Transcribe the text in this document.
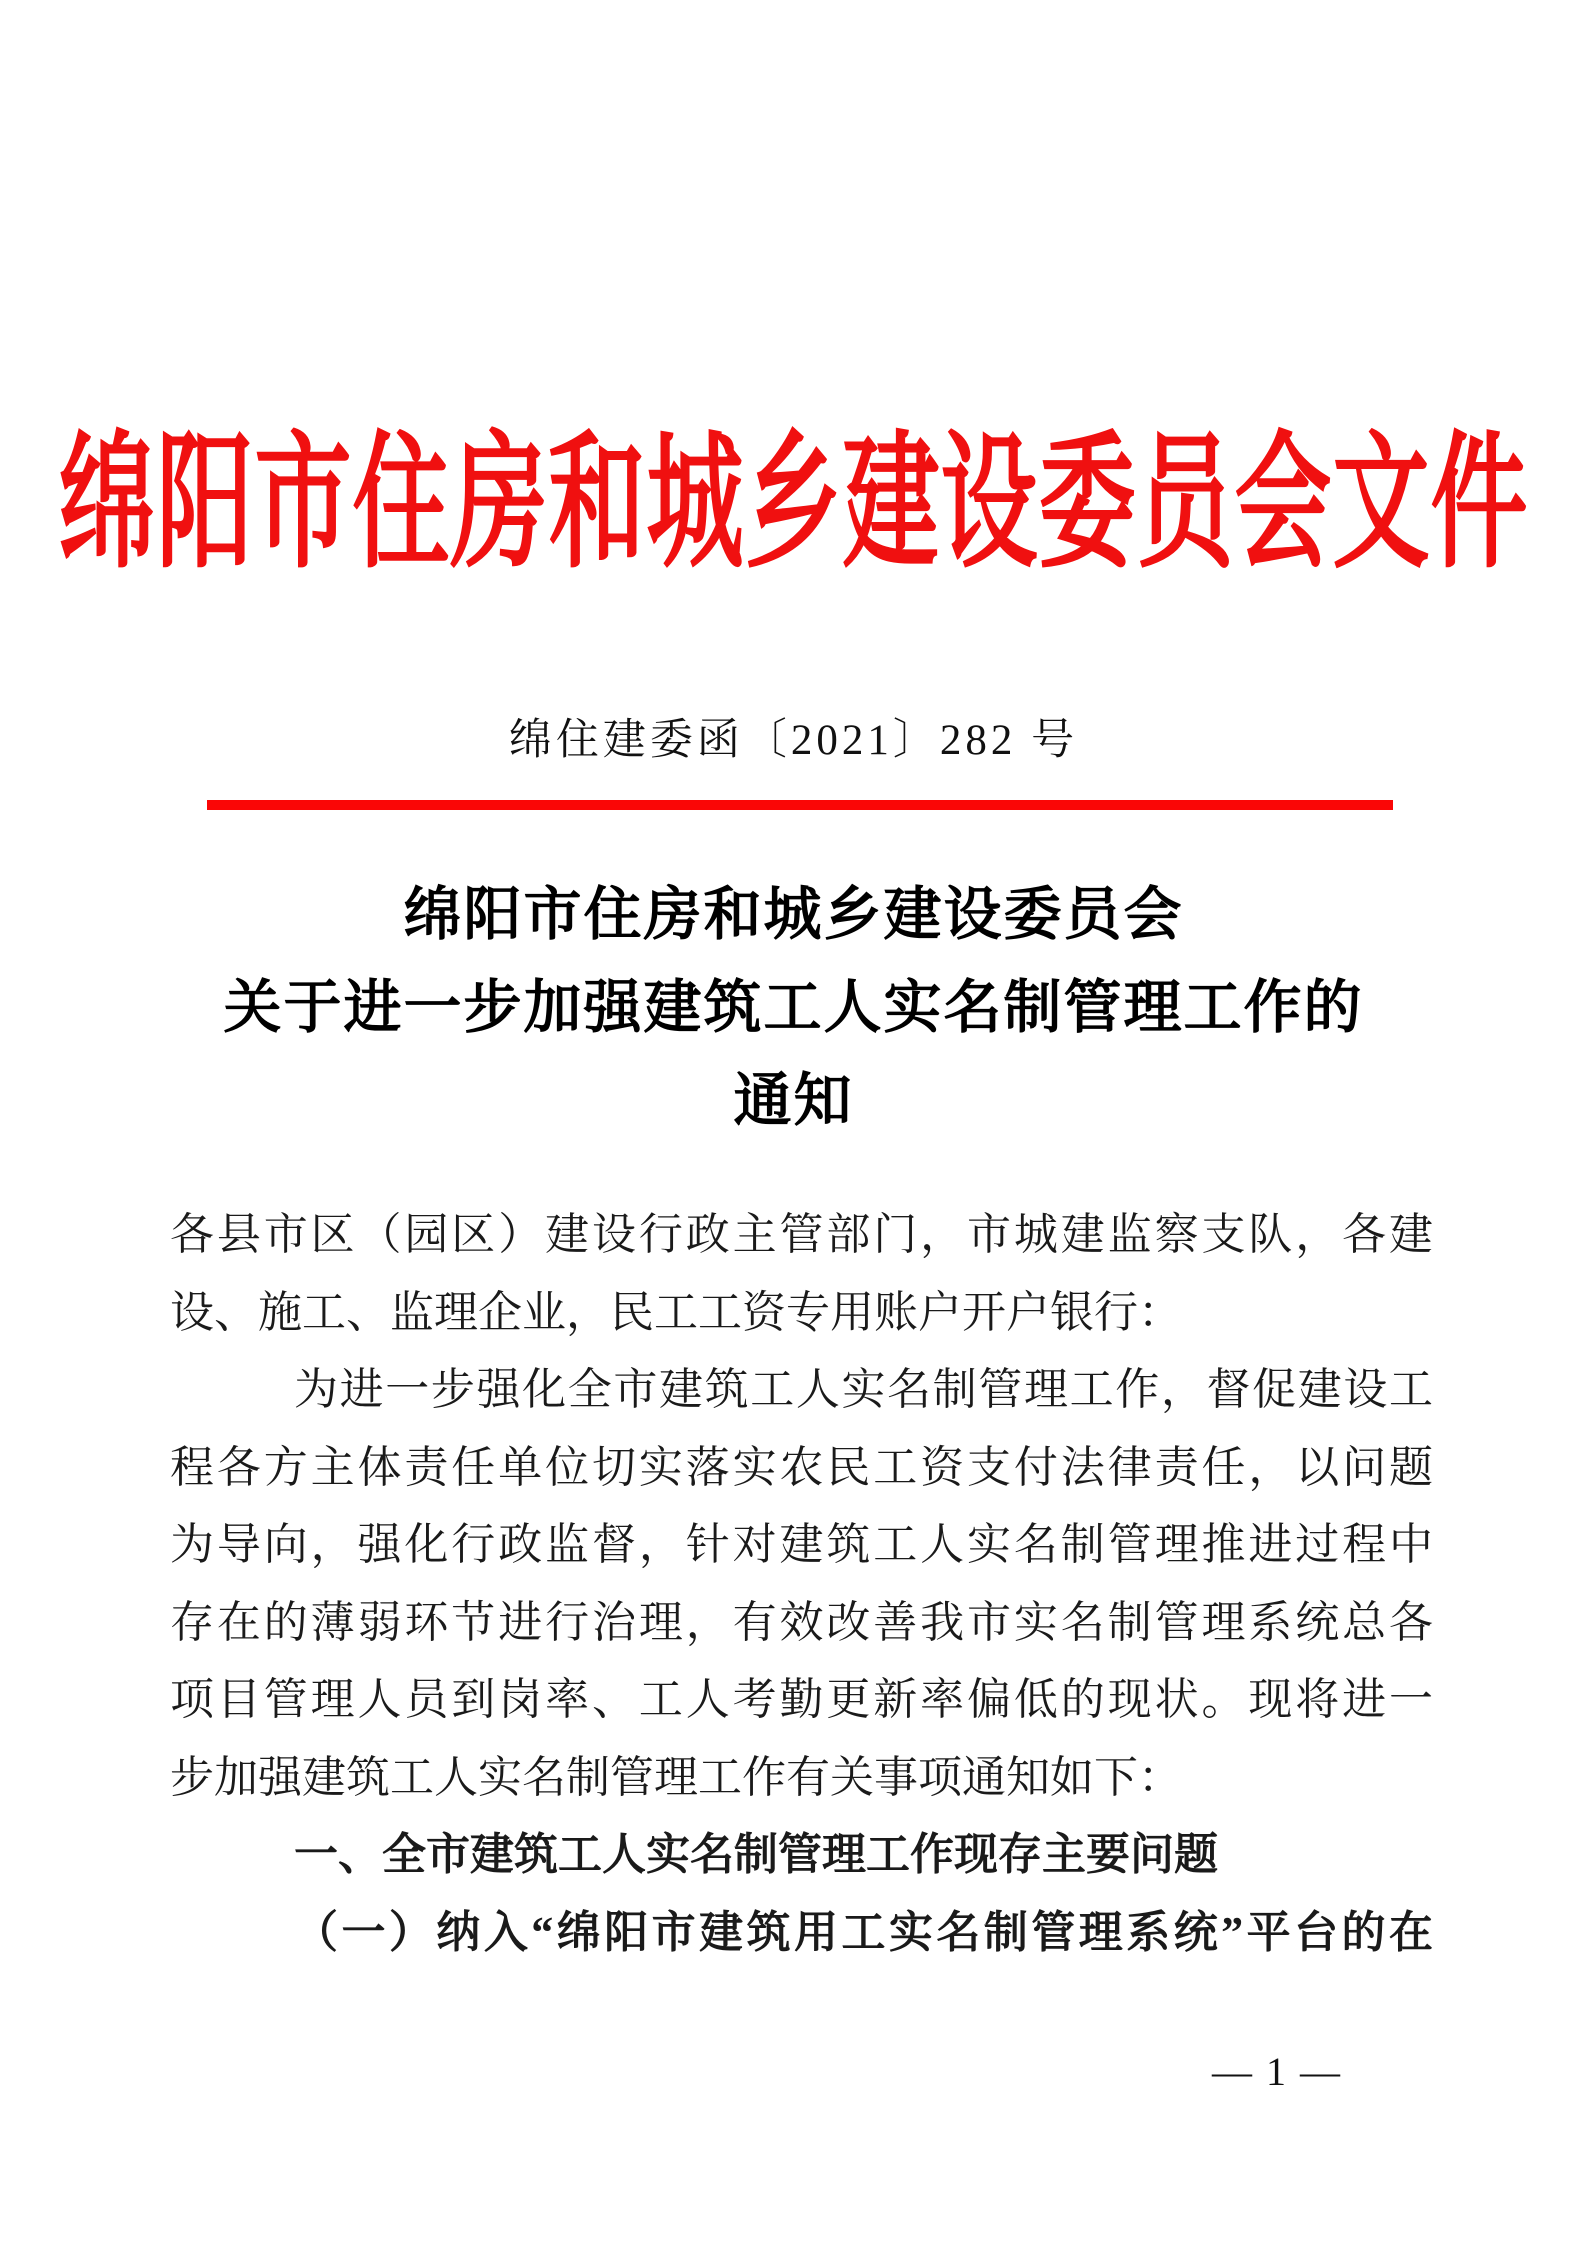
绵阳市住房和城乡建设委员会文件
绵住建委函〔2021〕282 号
绵阳市住房和城乡建设委员会
关于进一步加强建筑工人实名制管理工作的
通知
各县市区（园区）建设行政主管部门，市城建监察支队，各建
设、施工、监理企业，民工工资专用账户开户银行：
为进一步强化全市建筑工人实名制管理工作，督促建设工
程各方主体责任单位切实落实农民工资支付法律责任，以问题
为导向，强化行政监督，针对建筑工人实名制管理推进过程中
存在的薄弱环节进行治理，有效改善我市实名制管理系统总各
项目管理人员到岗率、工人考勤更新率偏低的现状。现将进一
步加强建筑工人实名制管理工作有关事项通知如下：
一、全市建筑工人实名制管理工作现存主要问题
（一）纳入“绵阳市建筑用工实名制管理系统”平台的在
— 1 —
